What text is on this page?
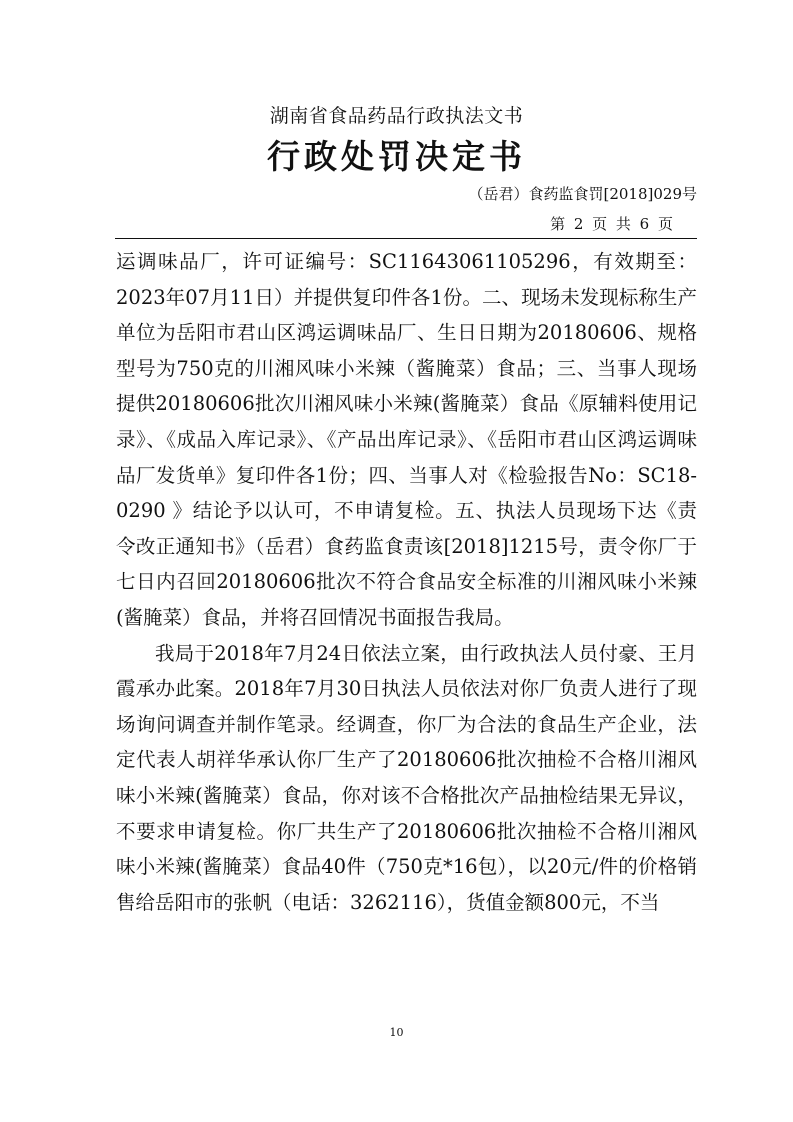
湖南省食品药品行政执法文书
行政处罚决定书
（岳君）食药监食罚[2018]029号
第 2 页 共 6 页

运调味品厂，许可证编号：SC11643061105296，有效期至：2023年07月11日）并提供复印件各1份。二、现场未发现标称生产单位为岳阳市君山区鸿运调味品厂、生日日期为20180606、规格型号为750克的川湘风味小米辣（酱腌菜）食品；三、当事人现场提供20180606批次川湘风味小米辣(酱腌菜）食品《原辅料使用记录》、《成品入库记录》、《产品出库记录》、《岳阳市君山区鸿运调味品厂发货单》复印件各1份；四、当事人对《检验报告No：SC18-0290 》结论予以认可，不申请复检。五、执法人员现场下达《责令改正通知书》（岳君）食药监食责该[2018]1215号，责令你厂于七日内召回20180606批次不符合食品安全标准的川湘风味小米辣(酱腌菜）食品，并将召回情况书面报告我局。

我局于2018年7月24日依法立案，由行政执法人员付豪、王月霞承办此案。2018年7月30日执法人员依法对你厂负责人进行了现场询问调查并制作笔录。经调查，你厂为合法的食品生产企业，法定代表人胡祥华承认你厂生产了20180606批次抽检不合格川湘风味小米辣(酱腌菜）食品，你对该不合格批次产品抽检结果无异议，不要求申请复检。你厂共生产了20180606批次抽检不合格川湘风味小米辣(酱腌菜）食品40件（750克*16包），以20元/件的价格销售给岳阳市的张帆（电话：3262116），货值金额800元，不当

10
